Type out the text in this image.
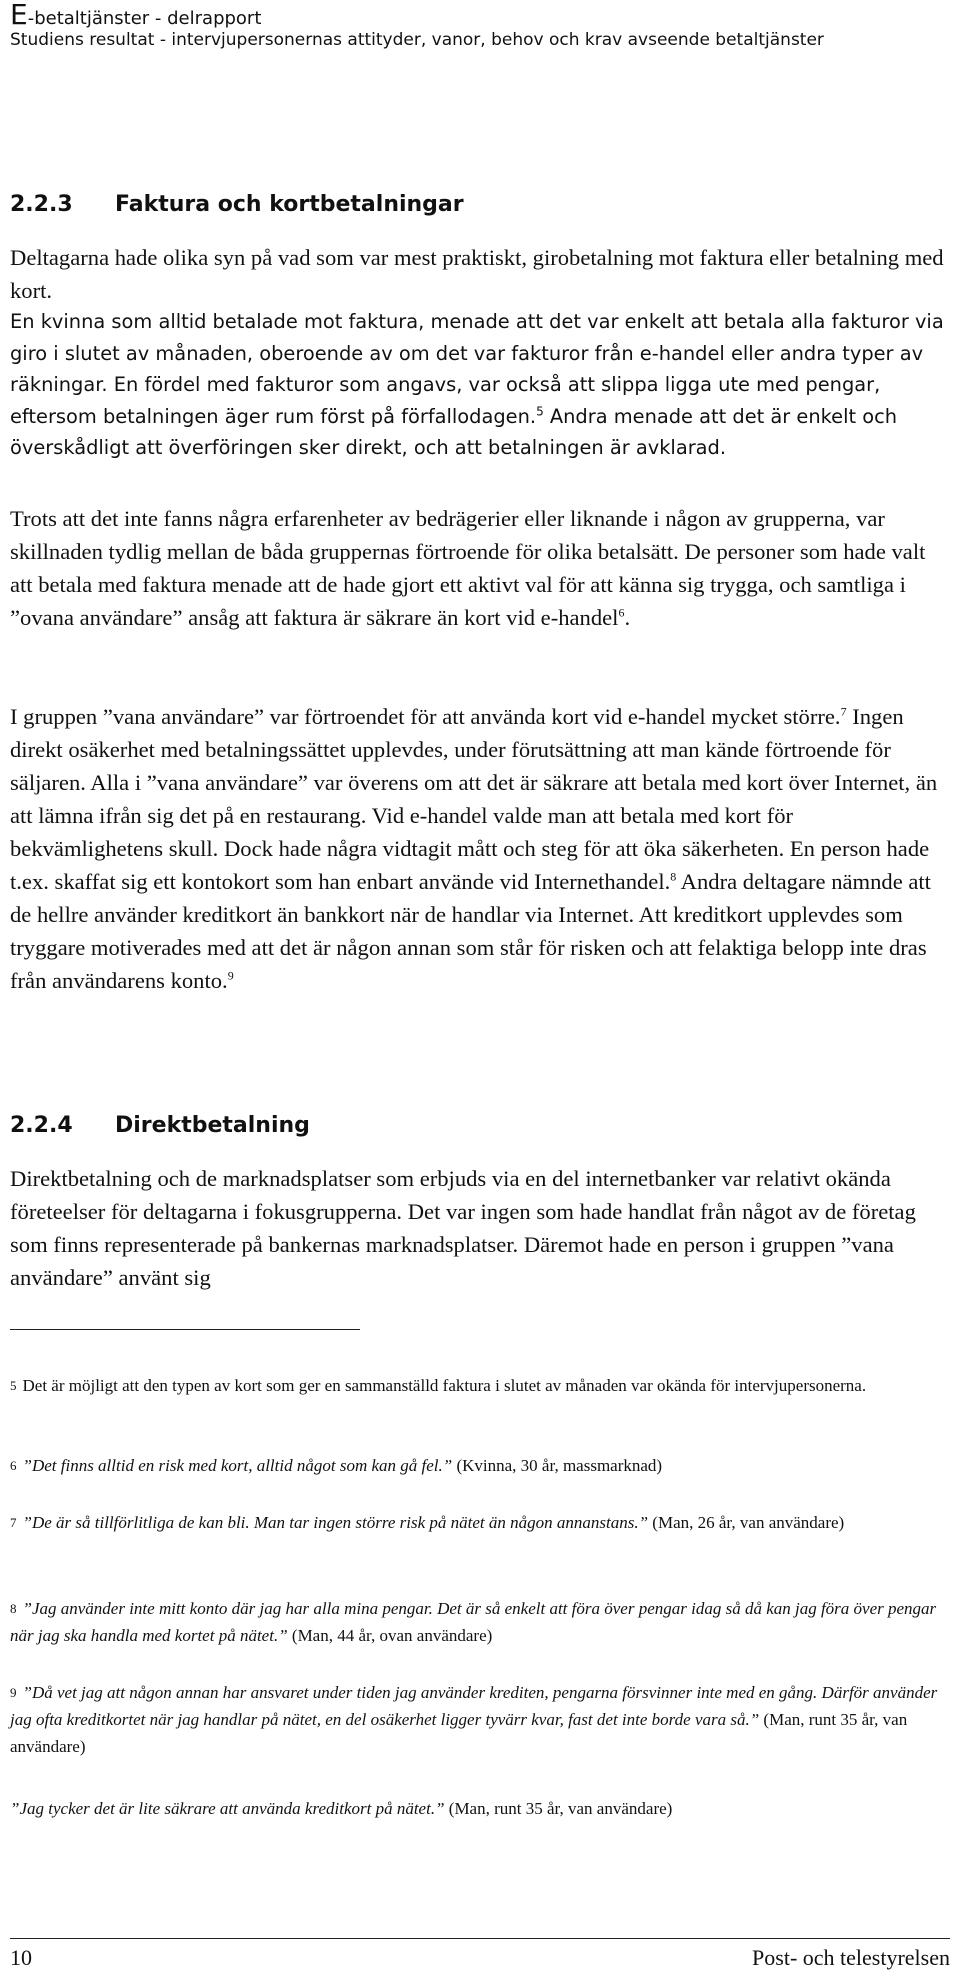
E-betaltjänster - delrapport
Studiens resultat - intervjupersonernas attityder, vanor, behov och krav avseende betaltjänster
2.2.3 Faktura och kortbetalningar

Deltagarna hade olika syn på vad som var mest praktiskt, girobetalning mot faktura eller betalning med kort.

En kvinna som alltid betalade mot faktura, menade att det var enkelt att betala alla fakturor via giro i slutet av månaden, oberoende av om det var fakturor från e-handel eller andra typer av räkningar. En fördel med fakturor som angavs, var också att slippa ligga ute med pengar, eftersom betalningen äger rum först på förfallodagen.$^5$ Andra menade att det är enkelt och överskådligt att överföringen sker direkt, och att betalningen är avklarad.

Trots att det inte fanns några erfarenheter av bedrägerier eller liknande i någon av grupperna, var skillnaden tydlig mellan de båda gruppernas förtroende för olika betalsätt. De personer som hade valt att betala med faktura menade att de hade gjort ett aktivt val för att känna sig trygga, och samtliga i ”ovana användare” ansåg att faktura är säkrare än kort vid e-handel$^6$.

I gruppen ”vana användare” var förtroendet för att använda kort vid e-handel mycket större.$^7$ Ingen direkt osäkerhet med betalningssättet upplevdes, under förutsättning att man kände förtroende för säljaren. Alla i ”vana användare” var överens om att det är säkrare att betala med kort över Internet, än att lämna ifrån sig det på en restaurang. Vid e-handel valde man att betala med kort för bekvämlighetens skull. Dock hade några vidtagit mått och steg för att öka säkerheten. En person hade t.ex. skaffat sig ett kontokort som han enbart använde vid Internethandel.$^8$ Andra deltagare nämnde att de hellre använder kreditkort än bankkort när de handlar via Internet. Att kreditkort upplevdes som tryggare motiverades med att det är någon annan som står för risken och att felaktiga belopp inte dras från användarens konto.$^9$

2.2.4 Direktbetalning

Direktbetalning och de marknadsplatser som erbjuds via en del internetbanker var relativt okända företeelser för deltagarna i fokusgrupperna. Det var ingen som hade handlat från något av de företag som finns representerade på bankernas marknadsplatser. Däremot hade en person i gruppen ”vana användare” använt sig

$^5$ Det är möjligt att den typen av kort som ger en sammanställd faktura i slutet av månaden var okända för intervjupersonerna.
$^6$ ”Det finns alltid en risk med kort, alltid något som kan gå fel.” (Kvinna, 30 år, massmarknad)
$^7$ ”De är så tillförlitliga de kan bli. Man tar ingen större risk på nätet än någon annanstans.” (Man, 26 år, van användare)
$^8$ ”Jag använder inte mitt konto där jag har alla mina pengar. Det är så enkelt att föra över pengar idag så då kan jag föra över pengar när jag ska handla med kortet på nätet.” (Man, 44 år, ovan användare)
$^9$ ”Då vet jag att någon annan har ansvaret under tiden jag använder krediten, pengarna försvinner inte med en gång. Därför använder jag ofta kreditkortet när jag handlar på nätet, en del osäkerhet ligger tyvärr kvar, fast det inte borde vara så.” (Man, runt 35 år, van användare)
”Jag tycker det är lite säkrare att använda kreditkort på nätet.” (Man, runt 35 år, van användare)
10	Post- och telestyrelsen
